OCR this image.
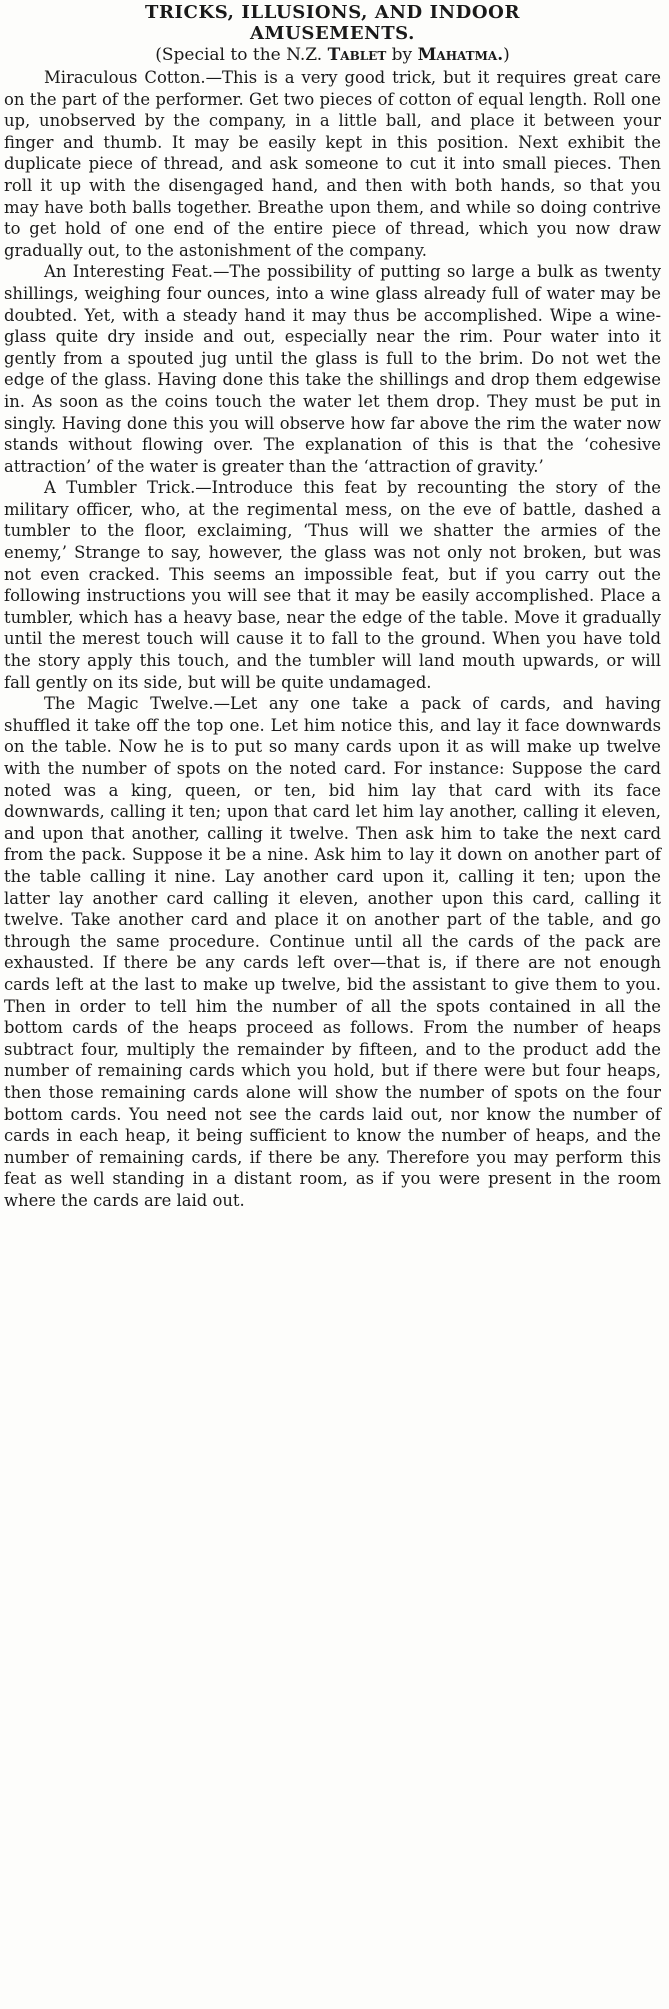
TRICKS, ILLUSIONS, AND INDOOR
AMUSEMENTS.

(Special to the N.Z. Tablet by Mahatma.)

Miraculous Cotton.—This is a very good trick, but it requires great care on the part of the performer. Get two pieces of cotton of equal length. Roll one up, unobserved by the company, in a little ball, and place it between your finger and thumb. It may be easily kept in this position. Next exhibit the duplicate piece of thread, and ask someone to cut it into small pieces. Then roll it up with the disengaged hand, and then with both hands, so that you may have both balls together. Breathe upon them, and while so doing contrive to get hold of one end of the entire piece of thread, which you now draw gradually out, to the astonishment of the company.

An Interesting Feat.—The possibility of putting so large a bulk as twenty shillings, weighing four ounces, into a wine glass already full of water may be doubted. Yet, with a steady hand it may thus be accomplished. Wipe a wine-glass quite dry inside and out, especially near the rim. Pour water into it gently from a spouted jug until the glass is full to the brim. Do not wet the edge of the glass. Having done this take the shillings and drop them edgewise in. As soon as the coins touch the water let them drop. They must be put in singly. Having done this you will observe how far above the rim the water now stands without flowing over. The explanation of this is that the ‘cohesive attraction’ of the water is greater than the ‘attraction of gravity.’

A Tumbler Trick.—Introduce this feat by recounting the story of the military officer, who, at the regimental mess, on the eve of battle, dashed a tumbler to the floor, exclaiming, ‘Thus will we shatter the armies of the enemy,’ Strange to say, however, the glass was not only not broken, but was not even cracked. This seems an impossible feat, but if you carry out the following instructions you will see that it may be easily accomplished. Place a tumbler, which has a heavy base, near the edge of the table. Move it gradually until the merest touch will cause it to fall to the ground. When you have told the story apply this touch, and the tumbler will land mouth upwards, or will fall gently on its side, but will be quite undamaged.

The Magic Twelve.—Let any one take a pack of cards, and having shuffled it take off the top one. Let him notice this, and lay it face downwards on the table. Now he is to put so many cards upon it as will make up twelve with the number of spots on the noted card. For instance: Suppose the card noted was a king, queen, or ten, bid him lay that card with its face downwards, calling it ten; upon that card let him lay another, calling it eleven, and upon that another, calling it twelve. Then ask him to take the next card from the pack. Suppose it be a nine. Ask him to lay it down on another part of the table calling it nine. Lay another card upon it, calling it ten; upon the latter lay another card calling it eleven, another upon this card, calling it twelve. Take another card and place it on another part of the table, and go through the same procedure. Continue until all the cards of the pack are exhausted. If there be any cards left over—that is, if there are not enough cards left at the last to make up twelve, bid the assistant to give them to you. Then in order to tell him the number of all the spots contained in all the bottom cards of the heaps proceed as follows. From the number of heaps subtract four, multiply the remainder by fifteen, and to the product add the number of remaining cards which you hold, but if there were but four heaps, then those remaining cards alone will show the number of spots on the four bottom cards. You need not see the cards laid out, nor know the number of cards in each heap, it being sufficient to know the number of heaps, and the number of remaining cards, if there be any. Therefore you may perform this feat as well standing in a distant room, as if you were present in the room where the cards are laid out.
